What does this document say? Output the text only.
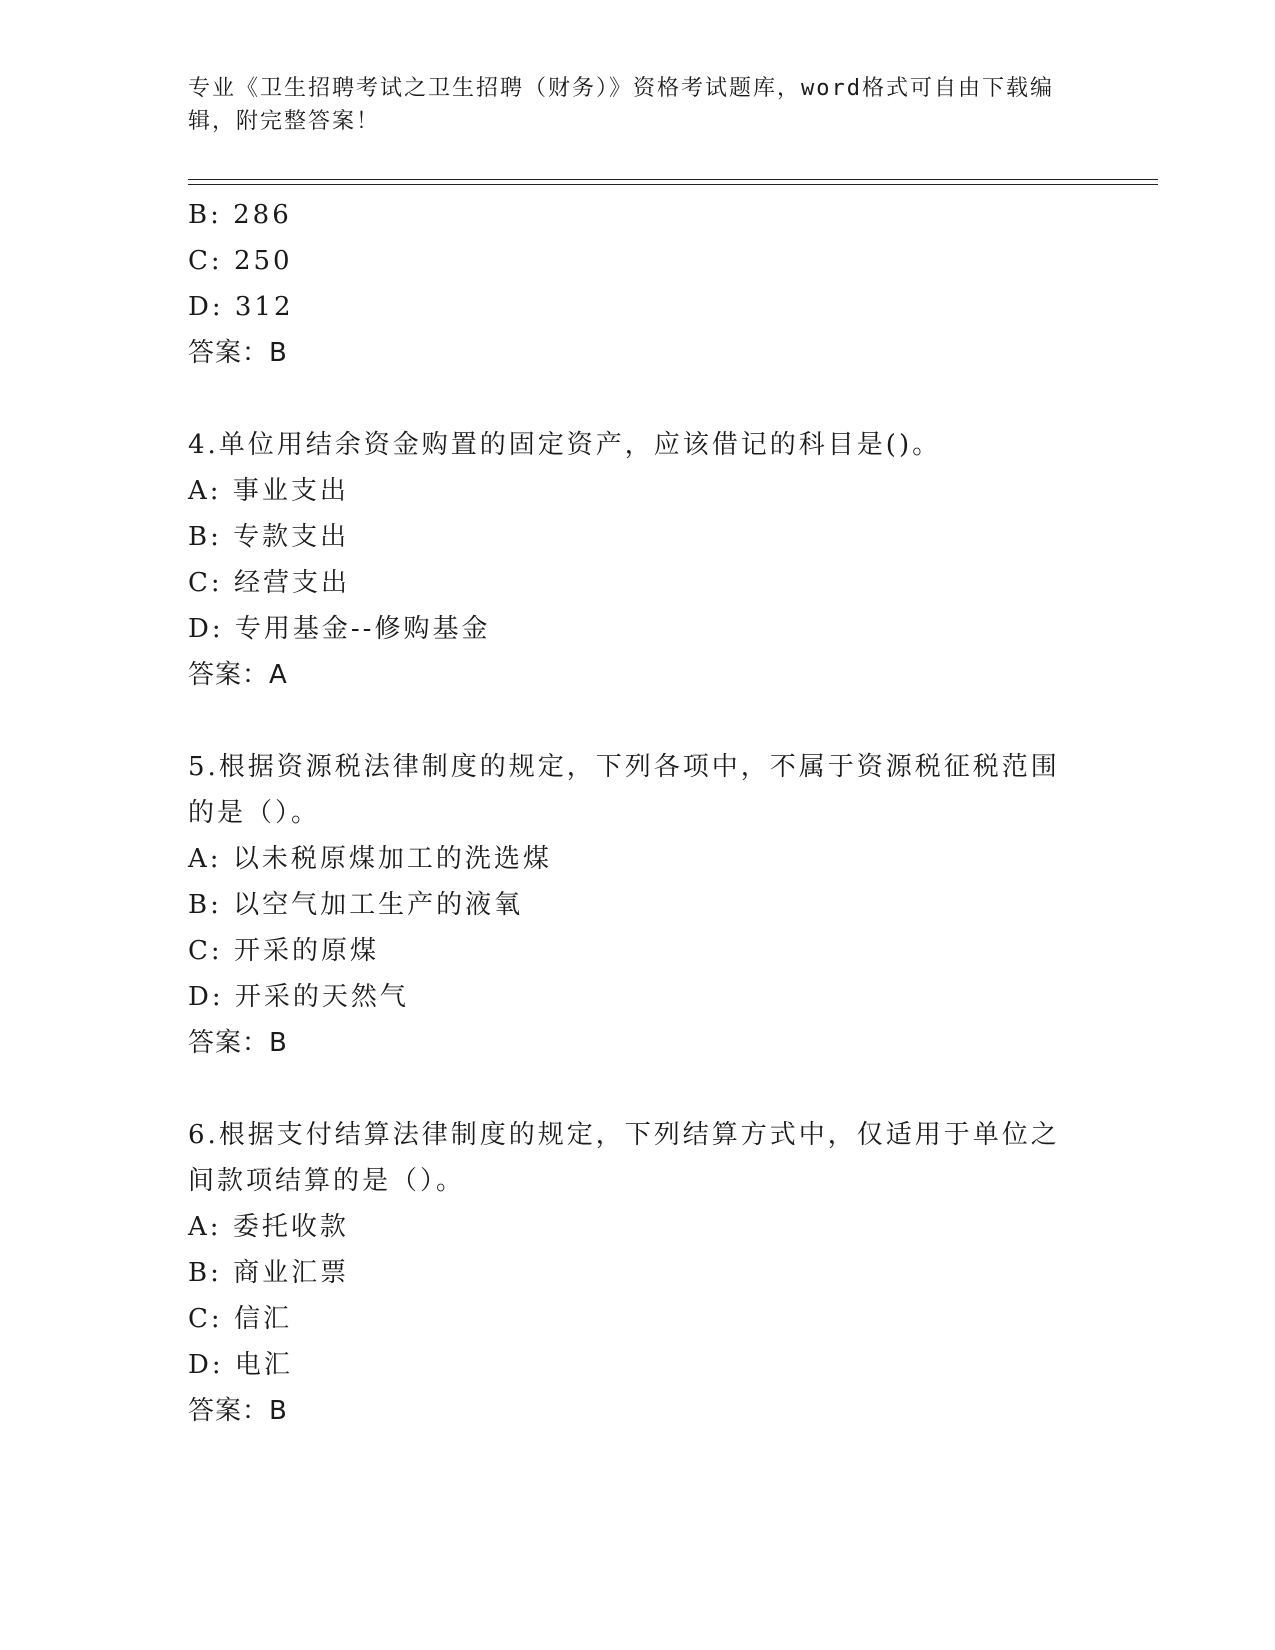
专业《卫生招聘考试之卫生招聘（财务）》资格考试题库，word格式可自由下载编辑，附完整答案！
B: 286
C: 250
D: 312
答案：B
4.单位用结余资金购置的固定资产，应该借记的科目是()。
A: 事业支出
B: 专款支出
C: 经营支出
D: 专用基金--修购基金
答案：A
5.根据资源税法律制度的规定，下列各项中，不属于资源税征税范围的是（）。
A: 以未税原煤加工的洗选煤
B: 以空气加工生产的液氧
C: 开采的原煤
D: 开采的天然气
答案：B
6.根据支付结算法律制度的规定，下列结算方式中，仅适用于单位之间款项结算的是（）。
A: 委托收款
B: 商业汇票
C: 信汇
D: 电汇
答案：B
